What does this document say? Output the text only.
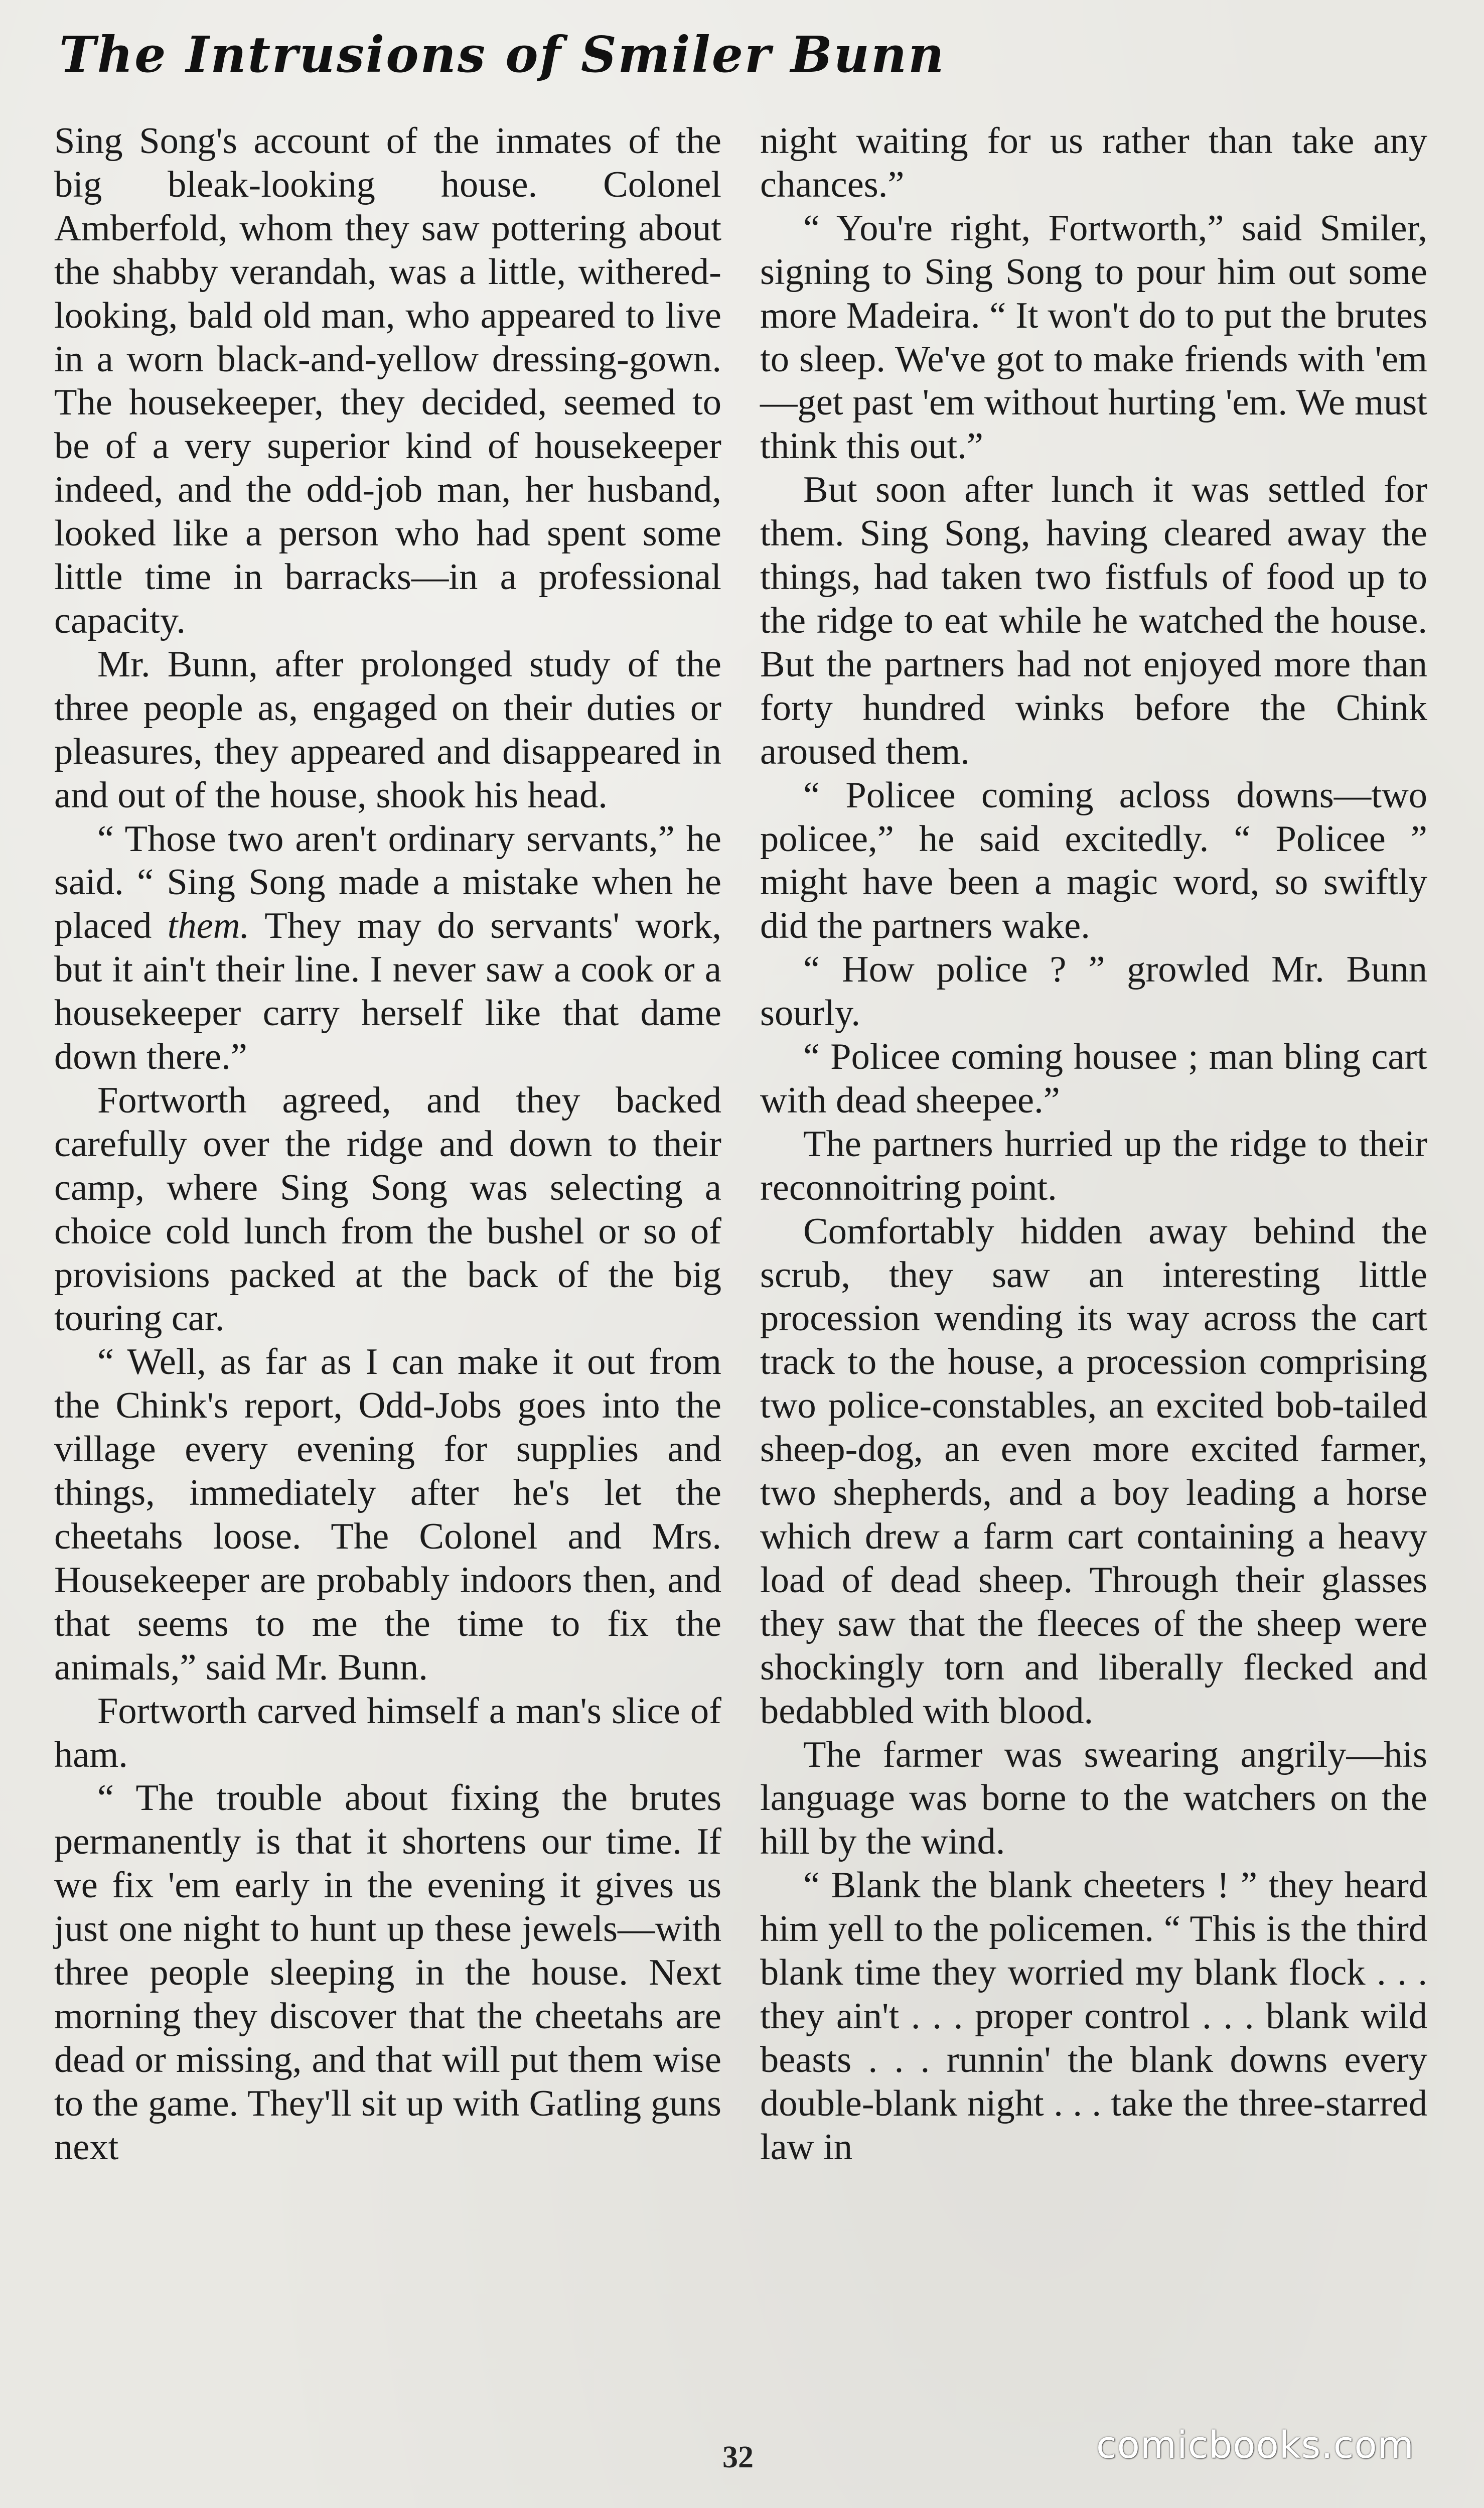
The Intrusions of Smiler Bunn

Sing Song's account of the inmates of the big bleak-looking house. Colonel Amberfold, whom they saw pottering about the shabby verandah, was a little, withered-looking, bald old man, who appeared to live in a worn black-and-yellow dressing-gown. The housekeeper, they decided, seemed to be of a very superior kind of housekeeper indeed, and the odd-job man, her husband, looked like a person who had spent some little time in barracks—in a professional capacity.

Mr. Bunn, after prolonged study of the three people as, engaged on their duties or pleasures, they appeared and disappeared in and out of the house, shook his head.

“ Those two aren't ordinary servants,” he said. “ Sing Song made a mistake when he placed them. They may do servants' work, but it ain't their line. I never saw a cook or a housekeeper carry herself like that dame down there.”

Fortworth agreed, and they backed carefully over the ridge and down to their camp, where Sing Song was selecting a choice cold lunch from the bushel or so of provisions packed at the back of the big touring car.

“ Well, as far as I can make it out from the Chink's report, Odd-Jobs goes into the village every evening for supplies and things, immediately after he's let the cheetahs loose. The Colonel and Mrs. Housekeeper are probably indoors then, and that seems to me the time to fix the animals,” said Mr. Bunn.

Fortworth carved himself a man's slice of ham.

“ The trouble about fixing the brutes permanently is that it shortens our time. If we fix 'em early in the evening it gives us just one night to hunt up these jewels—with three people sleeping in the house. Next morning they discover that the cheetahs are dead or missing, and that will put them wise to the game. They'll sit up with Gatling guns next

night waiting for us rather than take any chances.”

“ You're right, Fortworth,” said Smiler, signing to Sing Song to pour him out some more Madeira. “ It won't do to put the brutes to sleep. We've got to make friends with 'em —get past 'em without hurting 'em. We must think this out.”

But soon after lunch it was settled for them. Sing Song, having cleared away the things, had taken two fistfuls of food up to the ridge to eat while he watched the house. But the partners had not enjoyed more than forty hundred winks before the Chink aroused them.

“ Policee coming acloss downs—two policee,” he said excitedly. “ Policee ” might have been a magic word, so swiftly did the partners wake.

“ How police ? ” growled Mr. Bunn sourly.

“ Policee coming housee ; man bling cart with dead sheepee.”

The partners hurried up the ridge to their reconnoitring point.

Comfortably hidden away behind the scrub, they saw an interesting little procession wending its way across the cart track to the house, a procession comprising two police-constables, an excited bob-tailed sheep-dog, an even more excited farmer, two shepherds, and a boy leading a horse which drew a farm cart containing a heavy load of dead sheep. Through their glasses they saw that the fleeces of the sheep were shockingly torn and liberally flecked and bedabbled with blood.

The farmer was swearing angrily—his language was borne to the watchers on the hill by the wind.

“ Blank the blank cheeters ! ” they heard him yell to the policemen. “ This is the third blank time they worried my blank flock . . . they ain't . . . proper control . . . blank wild beasts . . . runnin' the blank downs every double-blank night . . . take the three-starred law in

32	comicbooks.com
